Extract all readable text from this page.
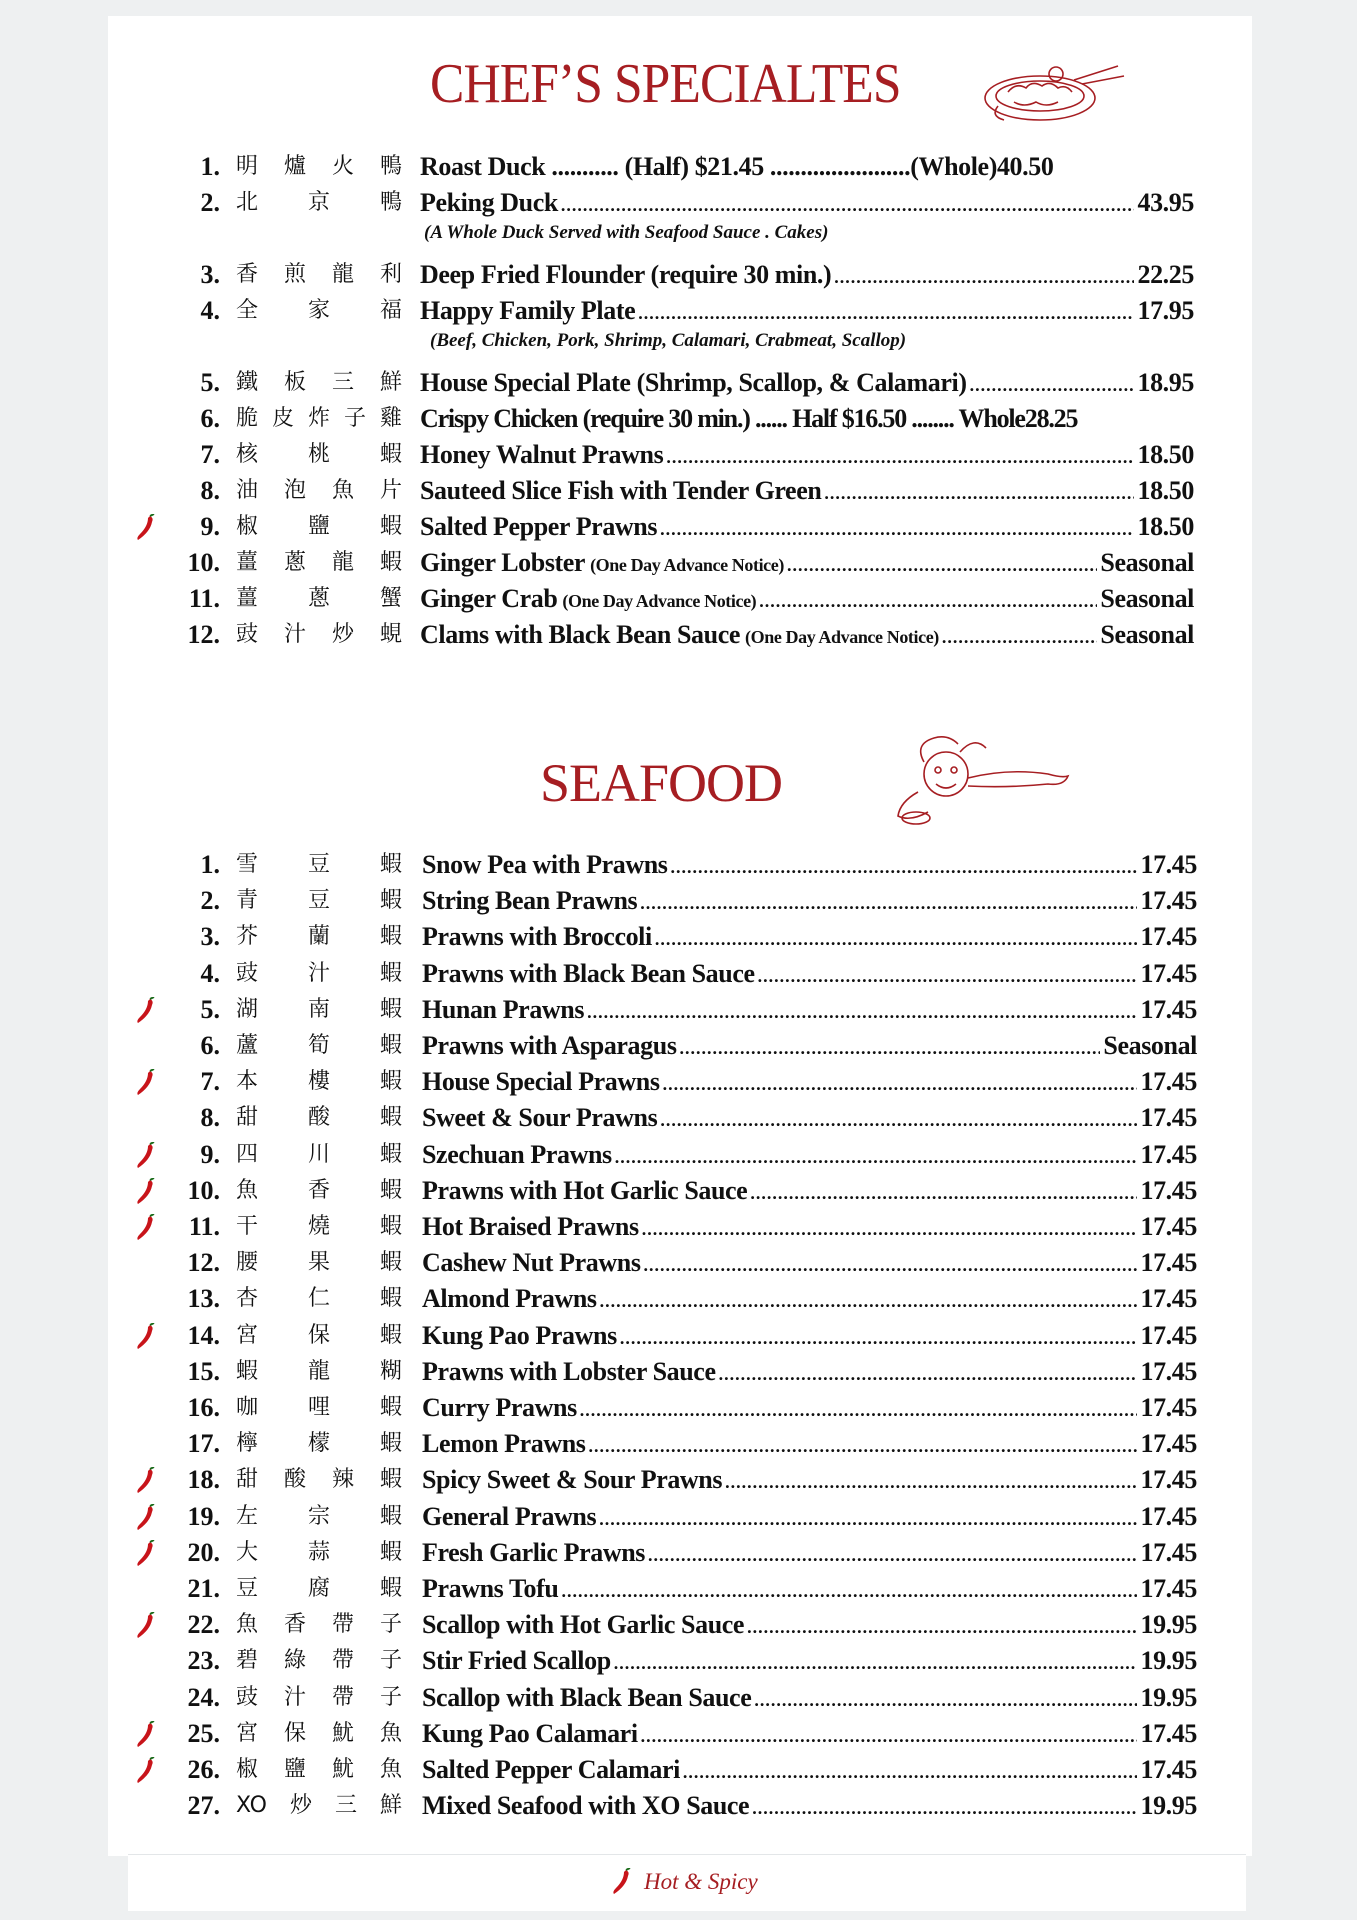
CHEF’S SPECIALTES
1. 明 爐 火 鴨 Roast Duck ........... (Half) $21.45 .......................(Whole) 40.50
2. 北 京 鴨 Peking Duck .....	43.95
(A Whole Duck Served with Seafood Sauce . Cakes)
3. 香 煎 龍 利 Deep Fried Flounder (require 30 min.) .....	22.25
4. 全 家 福 Happy Family Plate .....	17.95
(Beef, Chicken, Pork, Shrimp, Calamari, Crabmeat, Scallop)
5. 鐵 板 三 鮮 House Special Plate (Shrimp, Scallop, & Calamari) .....	18.95
6. 脆 皮 炸 子 雞 Crispy Chicken (require 30 min.) ...... Half $16.50 ........ Whole 28.25
7. 核 桃 蝦 Honey Walnut Prawns .....	18.50
8. 油 泡 魚 片 Sauteed Slice Fish with Tender Green .....	18.50
9. 椒 鹽 蝦 Salted Pepper Prawns .....	18.50
10. 薑 蔥 龍 蝦 Ginger Lobster (One Day Advance Notice) .....	Seasonal
11. 薑 蔥 蟹 Ginger Crab (One Day Advance Notice) .....	Seasonal
12. 豉 汁 炒 蜆 Clams with Black Bean Sauce (One Day Advance Notice) .....	Seasonal
SEAFOOD
1. 雪 豆 蝦 Snow Pea with Prawns .....	17.45
2. 青 豆 蝦 String Bean Prawns .....	17.45
3. 芥 蘭 蝦 Prawns with Broccoli .....	17.45
4. 豉 汁 蝦 Prawns with Black Bean Sauce .....	17.45
5. 湖 南 蝦 Hunan Prawns .....	17.45
6. 蘆 筍 蝦 Prawns with Asparagus .....	Seasonal
7. 本 樓 蝦 House Special Prawns .....	17.45
8. 甜 酸 蝦 Sweet & Sour Prawns .....	17.45
9. 四 川 蝦 Szechuan Prawns .....	17.45
10. 魚 香 蝦 Prawns with Hot Garlic Sauce .....	17.45
11. 干 燒 蝦 Hot Braised Prawns .....	17.45
12. 腰 果 蝦 Cashew Nut Prawns .....	17.45
13. 杏 仁 蝦 Almond Prawns .....	17.45
14. 宮 保 蝦 Kung Pao Prawns .....	17.45
15. 蝦 龍 糊 Prawns with Lobster Sauce .....	17.45
16. 咖 哩 蝦 Curry Prawns .....	17.45
17. 檸 檬 蝦 Lemon Prawns .....	17.45
18. 甜 酸 辣 蝦 Spicy Sweet & Sour Prawns .....	17.45
19. 左 宗 蝦 General Prawns .....	17.45
20. 大 蒜 蝦 Fresh Garlic Prawns .....	17.45
21. 豆 腐 蝦 Prawns Tofu .....	17.45
22. 魚 香 帶 子 Scallop with Hot Garlic Sauce .....	19.95
23. 碧 綠 帶 子 Stir Fried Scallop .....	19.95
24. 豉 汁 帶 子 Scallop with Black Bean Sauce .....	19.95
25. 宮 保 魷 魚 Kung Pao Calamari .....	17.45
26. 椒 鹽 魷 魚 Salted Pepper Calamari .....	17.45
27. XO 炒 三 鮮 Mixed Seafood with XO Sauce .....	19.95
Hot & Spicy
